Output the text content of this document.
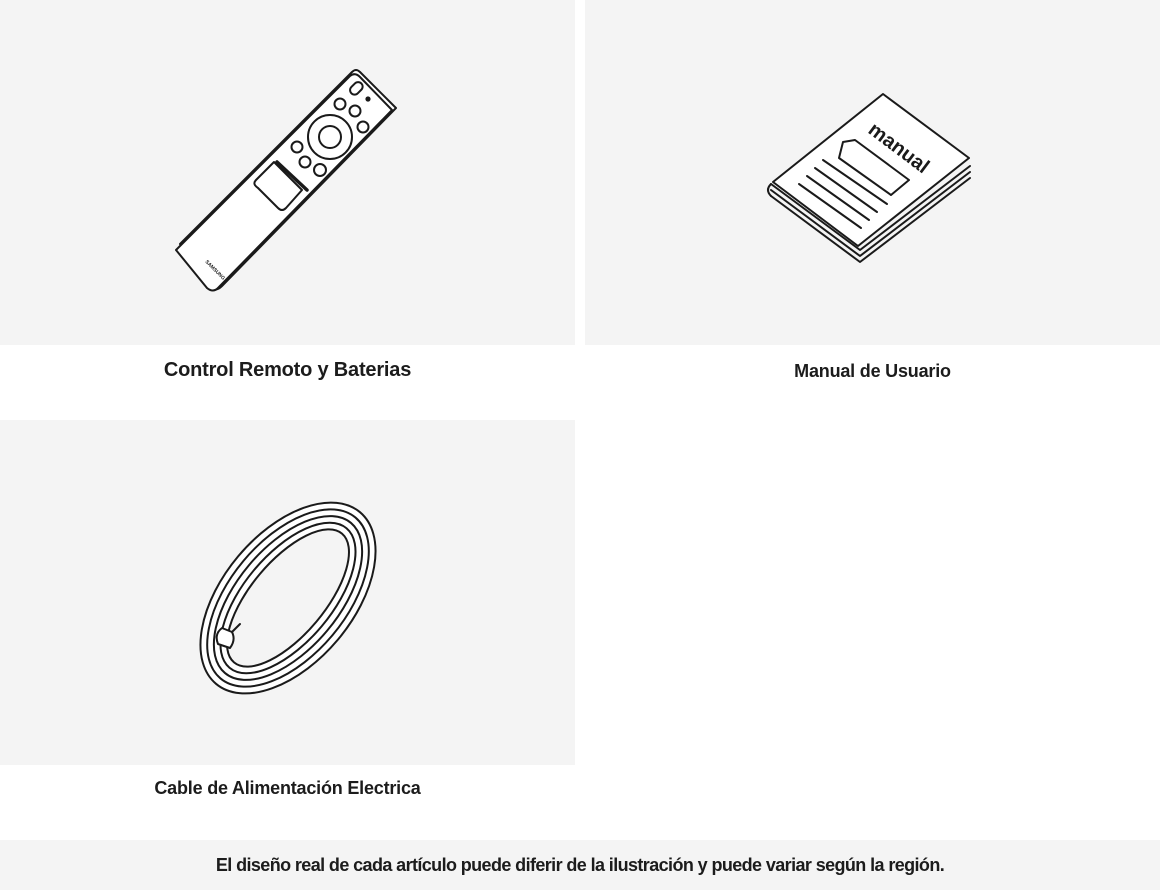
SAMSUNG
Control Remoto y Baterias
manual
Manual de Usuario
Cable de Alimentación Electrica
El diseño real de cada artículo puede diferir de la ilustración y puede variar según la región.
